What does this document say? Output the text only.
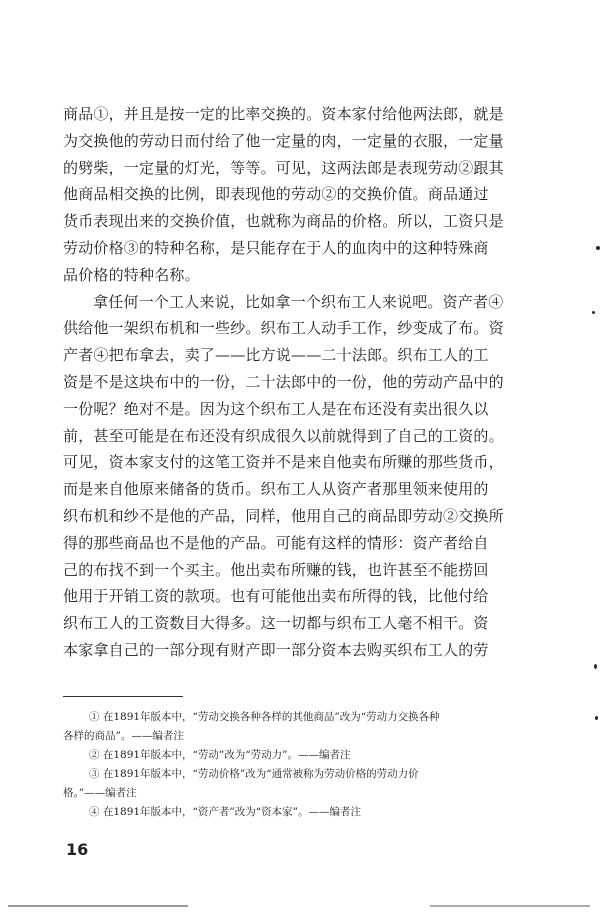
商品①，并且是按一定的比率交换的。资本家付给他两法郎，就是
为交换他的劳动日而付给了他一定量的肉，一定量的衣服，一定量
的劈柴，一定量的灯光，等等。可见，这两法郎是表现劳动②跟其
他商品相交换的比例，即表现他的劳动②的交换价值。商品通过
货币表现出来的交换价值，也就称为商品的价格。所以，工资只是
劳动价格③的特种名称，是只能存在于人的血肉中的这种特殊商
品价格的特种名称。
拿任何一个工人来说，比如拿一个织布工人来说吧。资产者④
供给他一架织布机和一些纱。织布工人动手工作，纱变成了布。资
产者④把布拿去，卖了——比方说——二十法郎。织布工人的工
资是不是这块布中的一份，二十法郎中的一份，他的劳动产品中的
一份呢？绝对不是。因为这个织布工人是在布还没有卖出很久以
前，甚至可能是在布还没有织成很久以前就得到了自己的工资的。
可见，资本家支付的这笔工资并不是来自他卖布所赚的那些货币，
而是来自他原来储备的货币。织布工人从资产者那里领来使用的
织布机和纱不是他的产品，同样，他用自己的商品即劳动②交换所
得的那些商品也不是他的产品。可能有这样的情形：资产者给自
己的布找不到一个买主。他出卖布所赚的钱，也许甚至不能捞回
他用于开销工资的款项。也有可能他出卖布所得的钱，比他付给
织布工人的工资数目大得多。这一切都与织布工人毫不相干。资
本家拿自己的一部分现有财产即一部分资本去购买织布工人的劳
① 在1891年版本中，“劳动交换各种各样的其他商品”改为“劳动力交换各种
各样的商品”。——编者注
② 在1891年版本中，“劳动”改为“劳动力”。——编者注
③ 在1891年版本中，“劳动价格”改为“通常被称为劳动价格的劳动力价
格。”——编者注
④ 在1891年版本中，“资产者”改为“资本家”。——编者注
16
